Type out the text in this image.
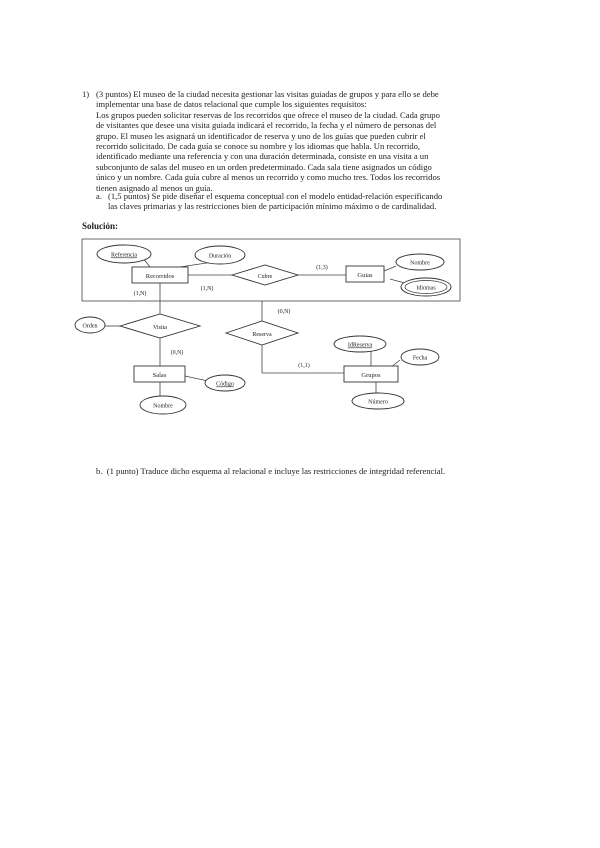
1) (3 puntos) El museo de la ciudad necesita gestionar las visitas guiadas de grupos y para ello se debe

implementar una base de datos relacional que cumple los siguientes requisitos:

Los grupos pueden solicitar reservas de los recorridos que ofrece el museo de la ciudad. Cada grupo

de visitantes que desee una visita guiada indicará el recorrido, la fecha y el número de personas del

grupo. El museo les asignará un identificador de reserva y uno de los guías que pueden cubrir el

recorrido solicitado. De cada guía se conoce su nombre y los idiomas que habla. Un recorrido,

identificado mediante una referencia y con una duración determinada, consiste en una visita a un

subconjunto de salas del museo en un orden predeterminado. Cada sala tiene asignados un código

único y un nombre. Cada guía cubre al menos un recorrido y como mucho tres. Todos los recorridos

tienen asignado al menos un guía.

a. (1,5 puntos) Se pide diseñar el esquema conceptual con el modelo entidad-relación especificando
las claves primarias y las restricciones bien de participación mínimo máximo o de cardinalidad.
Solución:
Recorridos	Guias
Salas	Grupos
Cubre
Visita
Reserva
Referencia	Duración
Nombre
Idiomas
Orden
Código
Nombre
IdReserva
Fecha
Número
(1,3)
(1,N)
(1,N)
(0,N)
(0,N)
(1,1)
b. (1 punto) Traduce dicho esquema al relacional e incluye las restricciones de integridad referencial.
